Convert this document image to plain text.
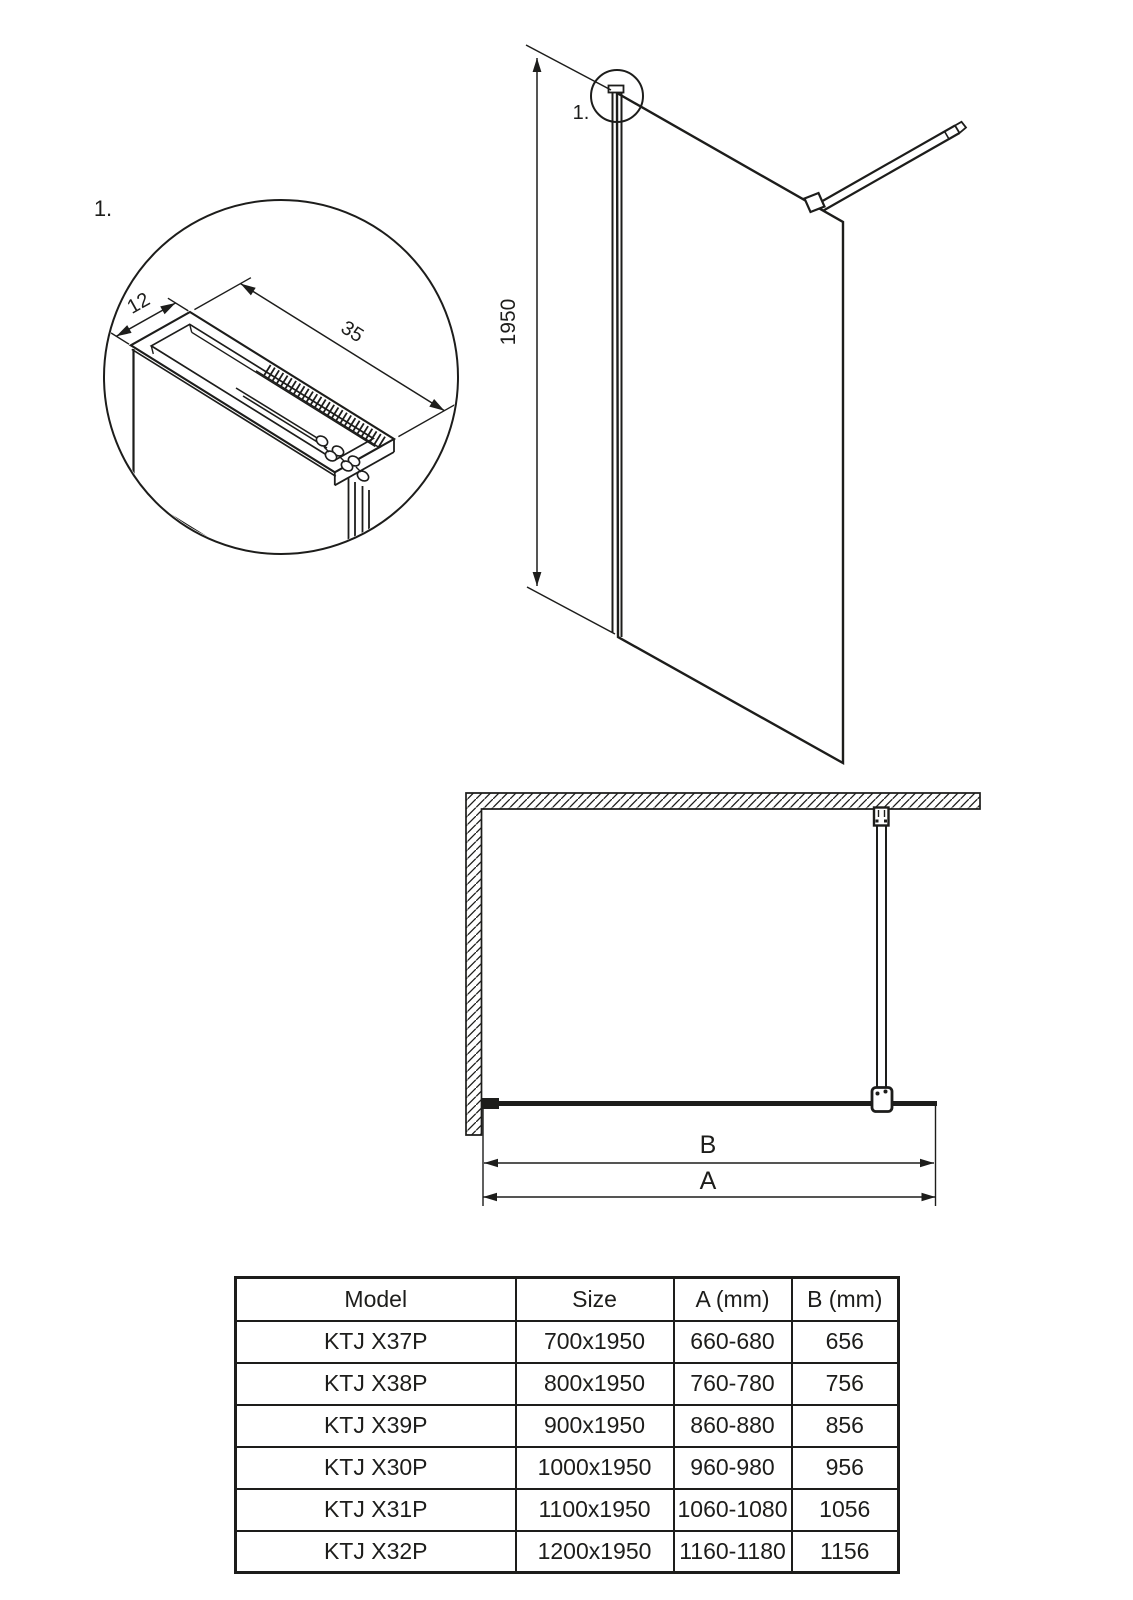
12
35
1.
1.
1950
B
A
Model	Size	A (mm)	B (mm)
KTJ X37P	700x1950	660-680	656
KTJ X38P	800x1950	760-780	756
KTJ X39P	900x1950	860-880	856
KTJ X30P	1000x1950	960-980	956
KTJ X31P	1100x1950	1060-1080	1056
KTJ X32P	1200x1950	1160-1180	1156
